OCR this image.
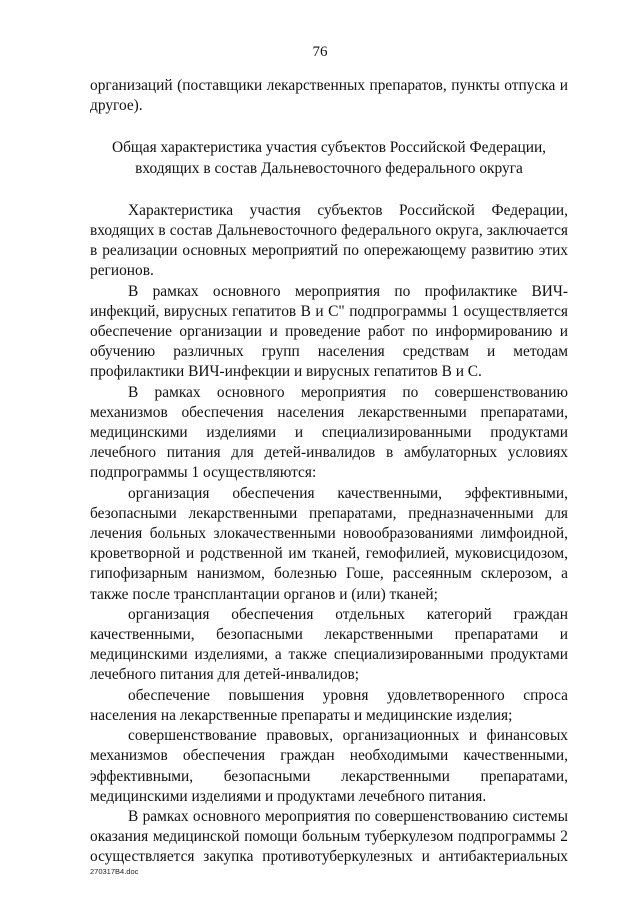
76

организаций (поставщики лекарственных препаратов, пункты отпуска и другое).

Общая характеристика участия субъектов Российской Федерации,
входящих в состав Дальневосточного федерального округа

Характеристика участия субъектов Российской Федерации, входящих в состав Дальневосточного федерального округа, заключается в реализации основных мероприятий по опережающему развитию этих регионов.

В рамках основного мероприятия по профилактике ВИЧ-инфекций, вирусных гепатитов В и С" подпрограммы 1 осуществляется обеспечение организации и проведение работ по информированию и обучению различных групп населения средствам и методам профилактики ВИЧ-инфекции и вирусных гепатитов В и С.

В рамках основного мероприятия по совершенствованию механизмов обеспечения населения лекарственными препаратами, медицинскими изделиями и специализированными продуктами лечебного питания для детей-инвалидов в амбулаторных условиях подпрограммы 1 осуществляются:

организация обеспечения качественными, эффективными, безопасными лекарственными препаратами, предназначенными для лечения больных злокачественными новообразованиями лимфоидной, кроветворной и родственной им тканей, гемофилией, муковисцидозом, гипофизарным нанизмом, болезнью Гоше, рассеянным склерозом, а также после трансплантации органов и (или) тканей;

организация обеспечения отдельных категорий граждан качественными, безопасными лекарственными препаратами и медицинскими изделиями, а также специализированными продуктами лечебного питания для детей-инвалидов;

обеспечение повышения уровня удовлетворенного спроса населения на лекарственные препараты и медицинские изделия;

совершенствование правовых, организационных и финансовых механизмов обеспечения граждан необходимыми качественными, эффективными, безопасными лекарственными препаратами, медицинскими изделиями и продуктами лечебного питания.

В рамках основного мероприятия по совершенствованию системы оказания медицинской помощи больным туберкулезом подпрограммы 2 осуществляется закупка противотуберкулезных и антибактериальных

270317B4.doc
